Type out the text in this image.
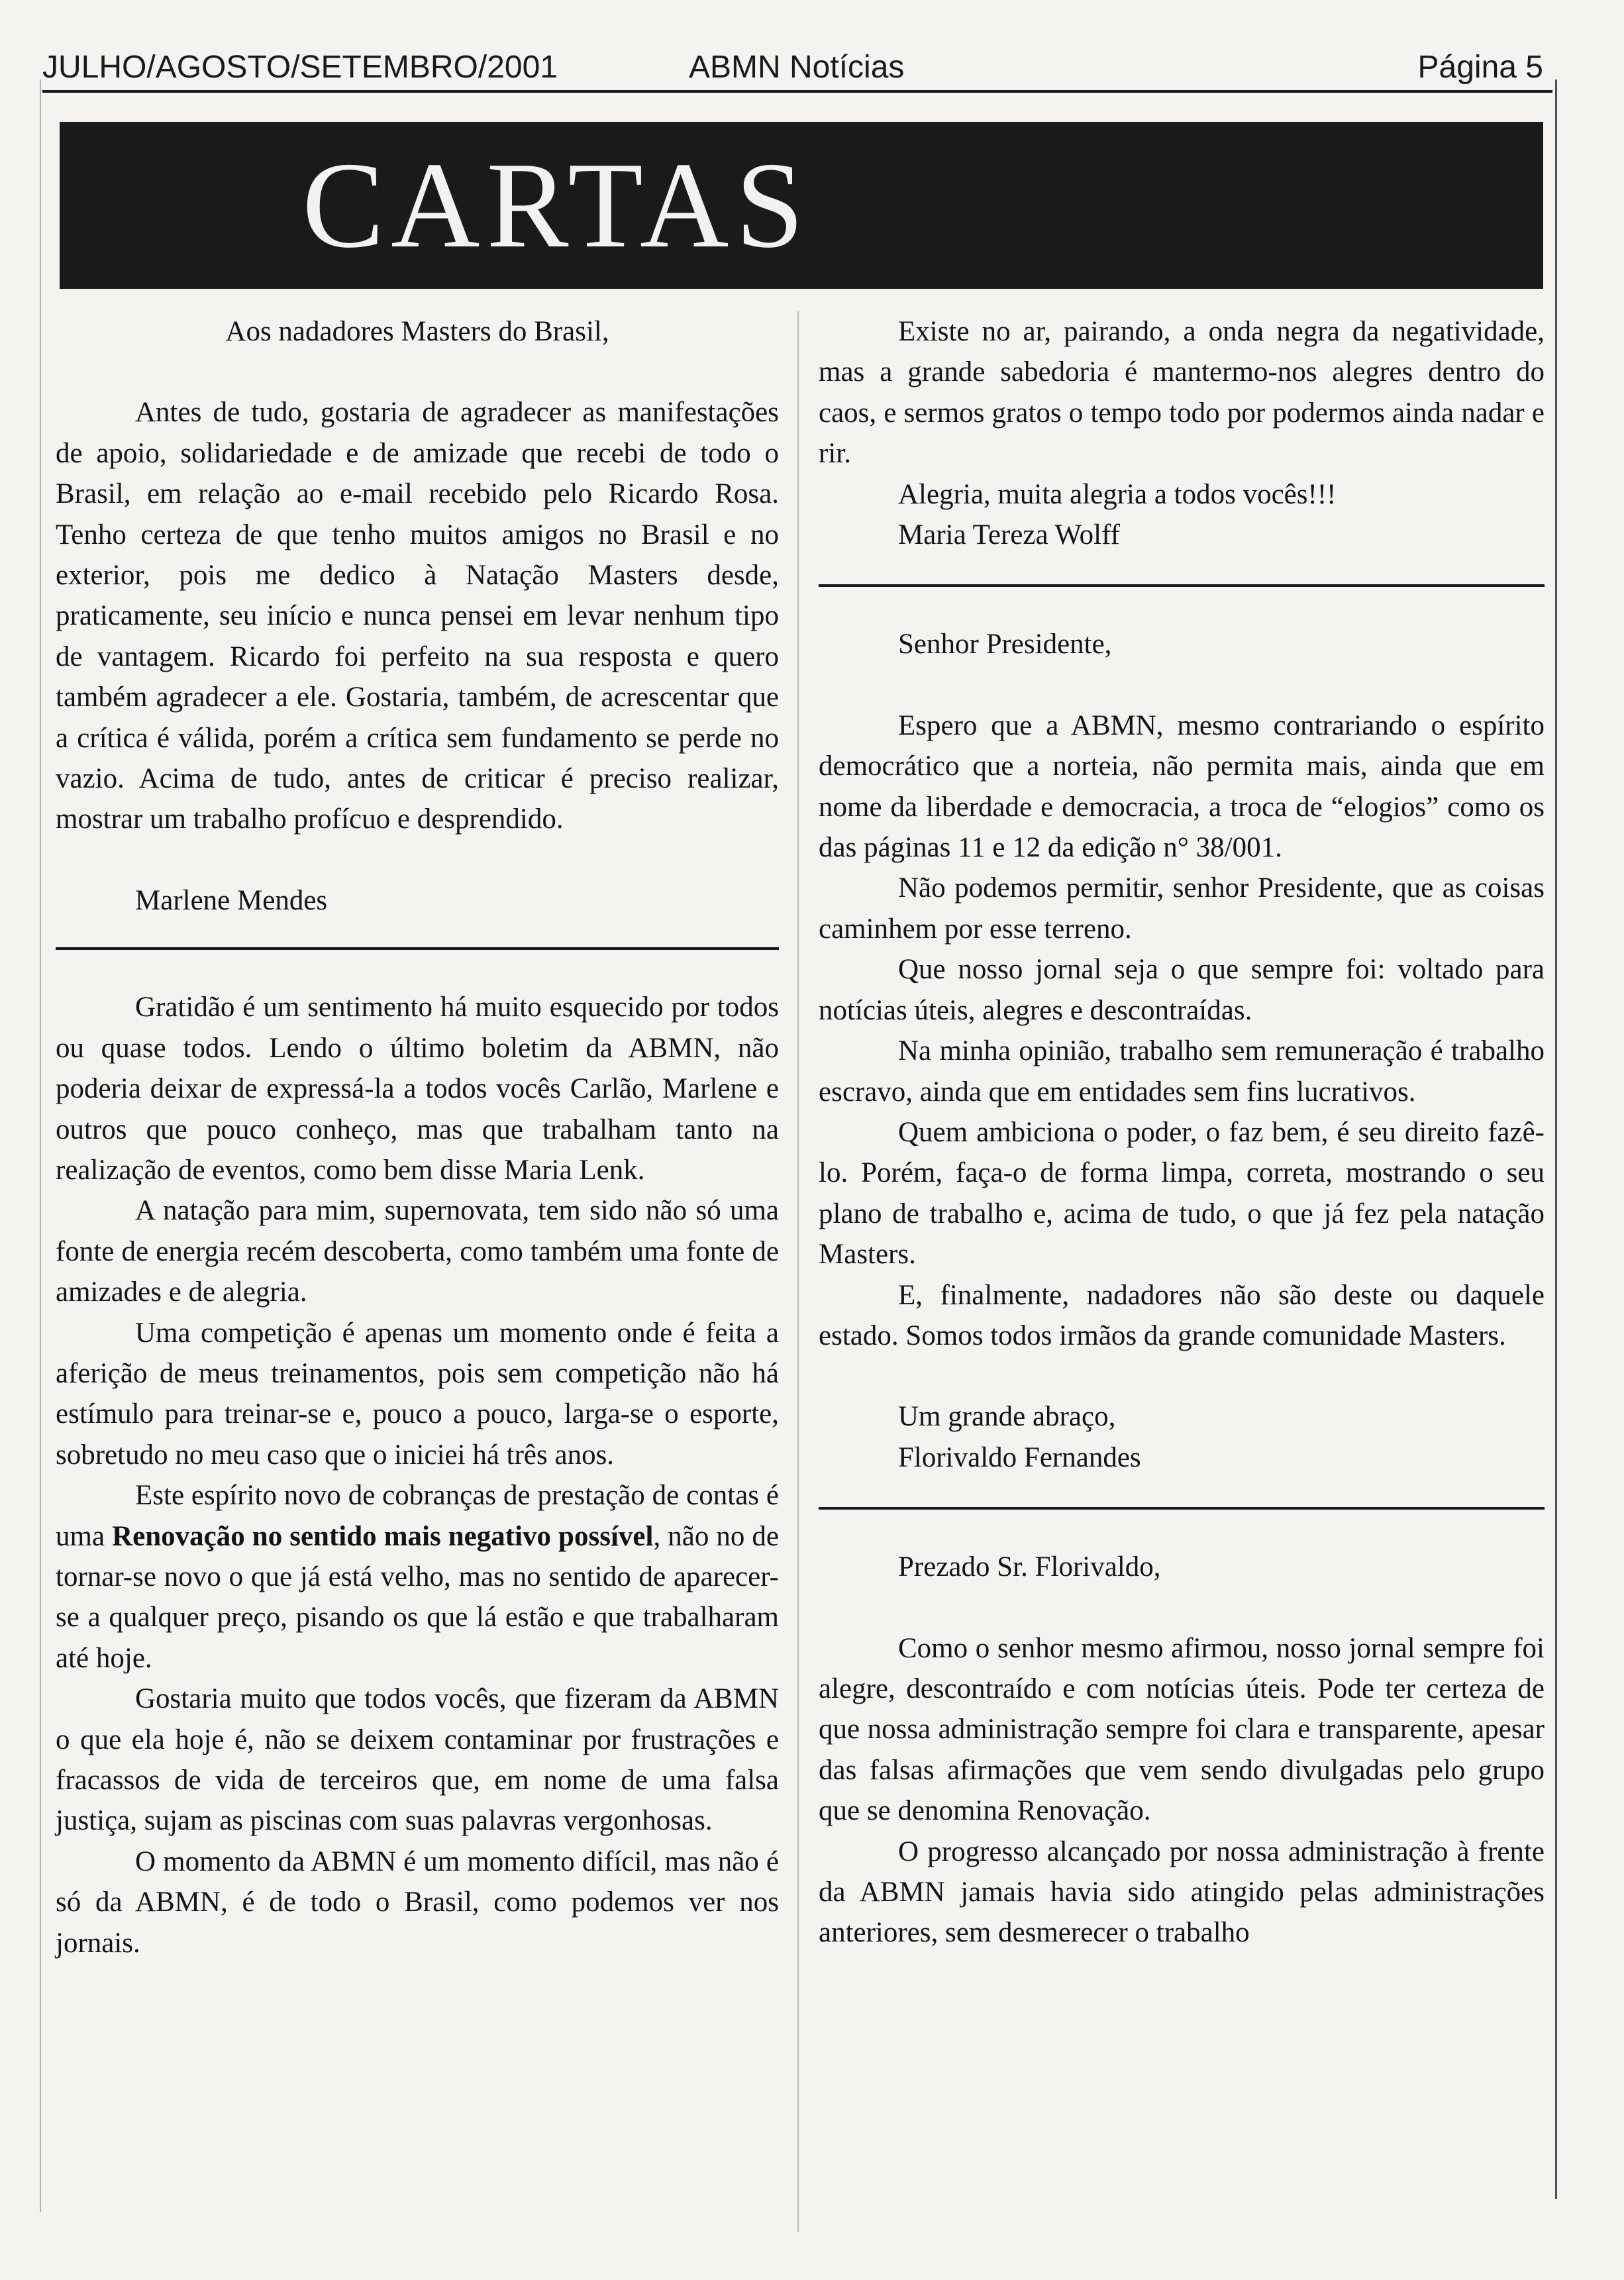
JULHO/AGOSTO/SETEMBRO/2001	ABMN Notícias	Página 5
CARTAS

Aos nadadores Masters do Brasil,

Antes de tudo, gostaria de agradecer as manifestações de apoio, solidariedade e de amizade que recebi de todo o Brasil, em relação ao e-mail recebido pelo Ricardo Rosa. Tenho certeza de que tenho muitos amigos no Brasil e no exterior, pois me dedico à Natação Masters desde, praticamente, seu início e nunca pensei em levar nenhum tipo de vantagem. Ricardo foi perfeito na sua resposta e quero também agradecer a ele. Gostaria, também, de acrescentar que a crítica é válida, porém a crítica sem fundamento se perde no vazio. Acima de tudo, antes de criticar é preciso realizar, mostrar um trabalho profícuo e desprendido.

Marlene Mendes

Gratidão é um sentimento há muito esquecido por todos ou quase todos. Lendo o último boletim da ABMN, não poderia deixar de expressá-la a todos vocês Carlão, Marlene e outros que pouco conheço, mas que trabalham tanto na realização de eventos, como bem disse Maria Lenk.

A natação para mim, supernovata, tem sido não só uma fonte de energia recém descoberta, como também uma fonte de amizades e de alegria.

Uma competição é apenas um momento onde é feita a aferição de meus treinamentos, pois sem competição não há estímulo para treinar-se e, pouco a pouco, larga-se o esporte, sobretudo no meu caso que o iniciei há três anos.

Este espírito novo de cobranças de prestação de contas é uma Renovação no sentido mais negativo possível, não no de tornar-se novo o que já está velho, mas no sentido de aparecer-se a qualquer preço, pisando os que lá estão e que trabalharam até hoje.

Gostaria muito que todos vocês, que fizeram da ABMN o que ela hoje é, não se deixem contaminar por frustrações e fracassos de vida de terceiros que, em nome de uma falsa justiça, sujam as piscinas com suas palavras vergonhosas.

O momento da ABMN é um momento difícil, mas não é só da ABMN, é de todo o Brasil, como podemos ver nos jornais.

Existe no ar, pairando, a onda negra da negatividade, mas a grande sabedoria é mantermo-nos alegres dentro do caos, e sermos gratos o tempo todo por podermos ainda nadar e rir.

Alegria, muita alegria a todos vocês!!!

Maria Tereza Wolff

Senhor Presidente,

Espero que a ABMN, mesmo contrariando o espírito democrático que a norteia, não permita mais, ainda que em nome da liberdade e democracia, a troca de “elogios” como os das páginas 11 e 12 da edição n° 38/001.

Não podemos permitir, senhor Presidente, que as coisas caminhem por esse terreno.

Que nosso jornal seja o que sempre foi: voltado para notícias úteis, alegres e descontraídas.

Na minha opinião, trabalho sem remuneração é trabalho escravo, ainda que em entidades sem fins lucrativos.

Quem ambiciona o poder, o faz bem, é seu direito fazê-lo. Porém, faça-o de forma limpa, correta, mostrando o seu plano de trabalho e, acima de tudo, o que já fez pela natação Masters.

E, finalmente, nadadores não são deste ou daquele estado. Somos todos irmãos da grande comunidade Masters.

Um grande abraço,

Florivaldo Fernandes

Prezado Sr. Florivaldo,

Como o senhor mesmo afirmou, nosso jornal sempre foi alegre, descontraído e com notícias úteis. Pode ter certeza de que nossa administração sempre foi clara e transparente, apesar das falsas afirmações que vem sendo divulgadas pelo grupo que se denomina Renovação.

O progresso alcançado por nossa administração à frente da ABMN jamais havia sido atingido pelas administrações anteriores, sem desmerecer o trabalho
